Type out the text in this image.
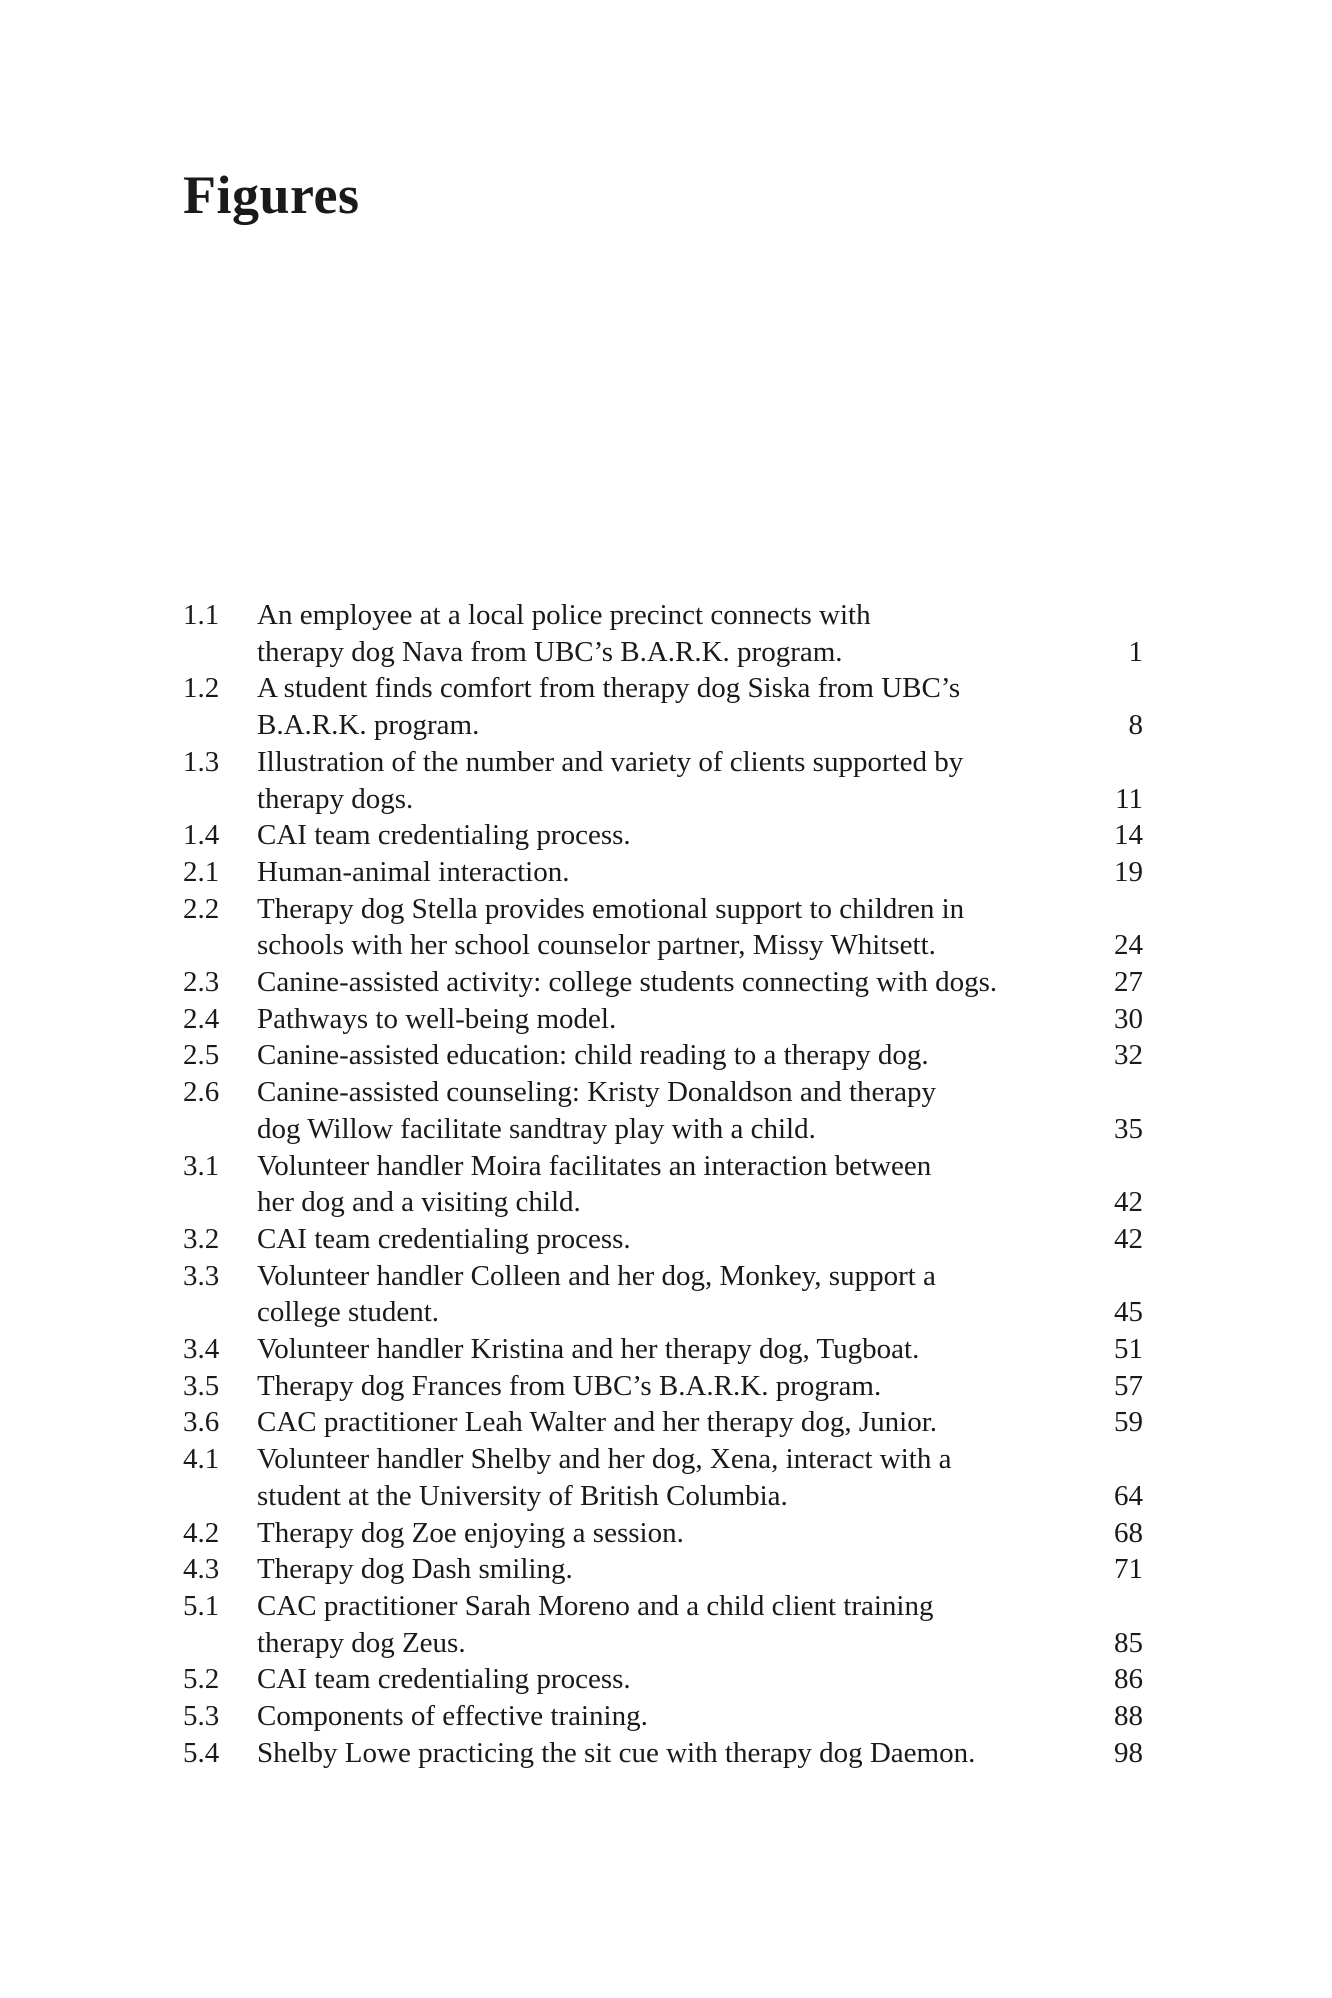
Figures
1.1 An employee at a local police precinct connects with
therapy dog Nava from UBC’s B.A.R.K. program.	1
1.2 A student finds comfort from therapy dog Siska from UBC’s
B.A.R.K. program.	8
1.3 Illustration of the number and variety of clients supported by
therapy dogs.	11
1.4 CAI team credentialing process.	14
2.1 Human-animal interaction.	19
2.2 Therapy dog Stella provides emotional support to children in
schools with her school counselor partner, Missy Whitsett.	24
2.3 Canine-assisted activity: college students connecting with dogs.	27
2.4 Pathways to well-being model.	30
2.5 Canine-assisted education: child reading to a therapy dog.	32
2.6 Canine-assisted counseling: Kristy Donaldson and therapy
dog Willow facilitate sandtray play with a child.	35
3.1 Volunteer handler Moira facilitates an interaction between
her dog and a visiting child.	42
3.2 CAI team credentialing process.	42
3.3 Volunteer handler Colleen and her dog, Monkey, support a
college student.	45
3.4 Volunteer handler Kristina and her therapy dog, Tugboat.	51
3.5 Therapy dog Frances from UBC’s B.A.R.K. program.	57
3.6 CAC practitioner Leah Walter and her therapy dog, Junior.	59
4.1 Volunteer handler Shelby and her dog, Xena, interact with a
student at the University of British Columbia.	64
4.2 Therapy dog Zoe enjoying a session.	68
4.3 Therapy dog Dash smiling.	71
5.1 CAC practitioner Sarah Moreno and a child client training
therapy dog Zeus.	85
5.2 CAI team credentialing process.	86
5.3 Components of effective training.	88
5.4 Shelby Lowe practicing the sit cue with therapy dog Daemon.	98
